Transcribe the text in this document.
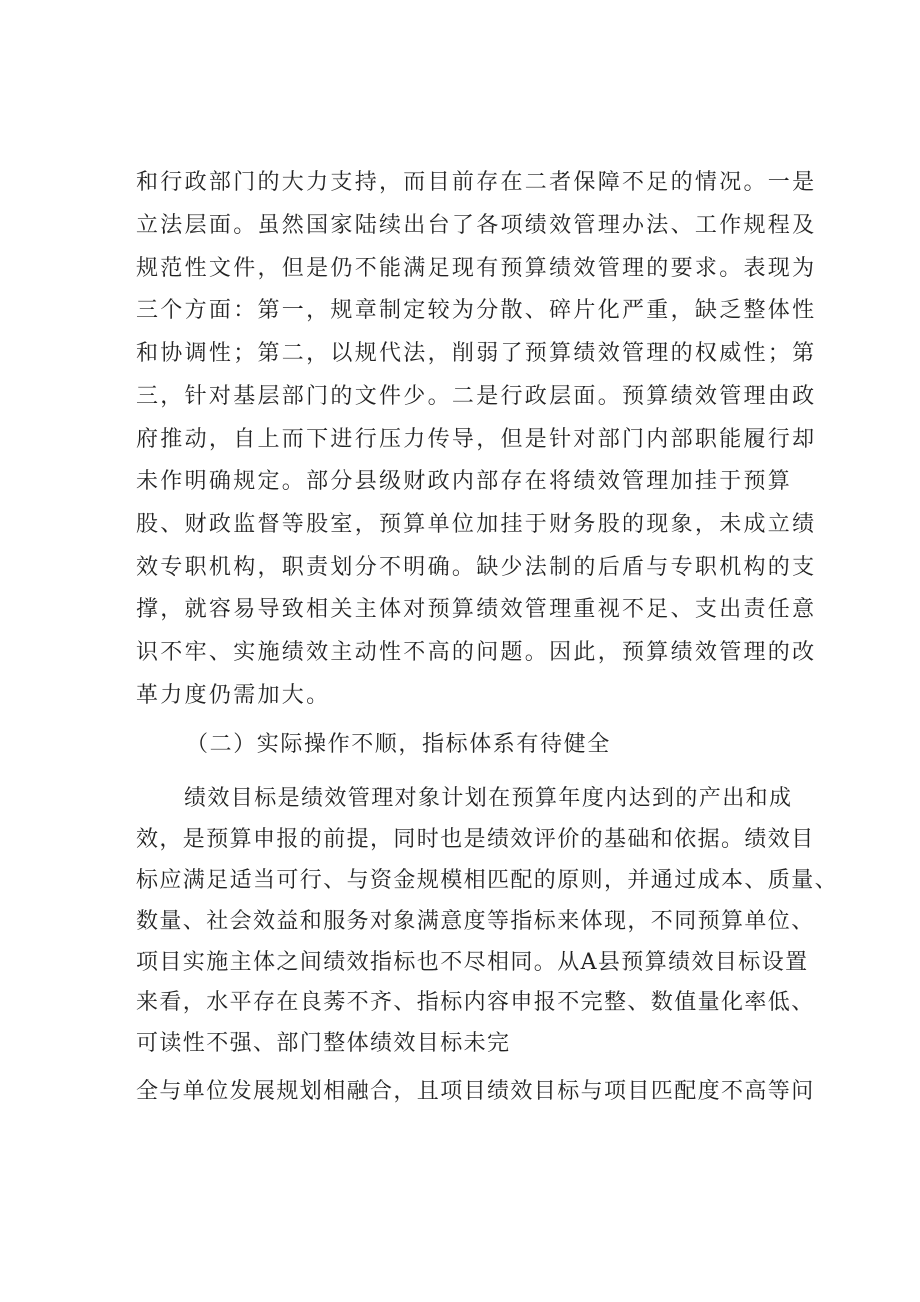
和行政部门的大力支持，而目前存在二者保障不足的情况。一是
立法层面。虽然国家陆续出台了各项绩效管理办法、工作规程及
规范性文件，但是仍不能满足现有预算绩效管理的要求。表现为
三个方面：第一，规章制定较为分散、碎片化严重，缺乏整体性
和协调性；第二，以规代法，削弱了预算绩效管理的权威性；第
三，针对基层部门的文件少。二是行政层面。预算绩效管理由政
府推动，自上而下进行压力传导，但是针对部门内部职能履行却
未作明确规定。部分县级财政内部存在将绩效管理加挂于预算
股、财政监督等股室，预算单位加挂于财务股的现象，未成立绩
效专职机构，职责划分不明确。缺少法制的后盾与专职机构的支
撑，就容易导致相关主体对预算绩效管理重视不足、支出责任意
识不牢、实施绩效主动性不高的问题。因此，预算绩效管理的改
革力度仍需加大。
（二）实际操作不顺，指标体系有待健全
绩效目标是绩效管理对象计划在预算年度内达到的产出和成
效，是预算申报的前提，同时也是绩效评价的基础和依据。绩效目
标应满足适当可行、与资金规模相匹配的原则，并通过成本、质量、
数量、社会效益和服务对象满意度等指标来体现，不同预算单位、
项目实施主体之间绩效指标也不尽相同。从A县预算绩效目标设置
来看，水平存在良莠不齐、指标内容申报不完整、数值量化率低、
可读性不强、部门整体绩效目标未完
全与单位发展规划相融合，且项目绩效目标与项目匹配度不高等问
